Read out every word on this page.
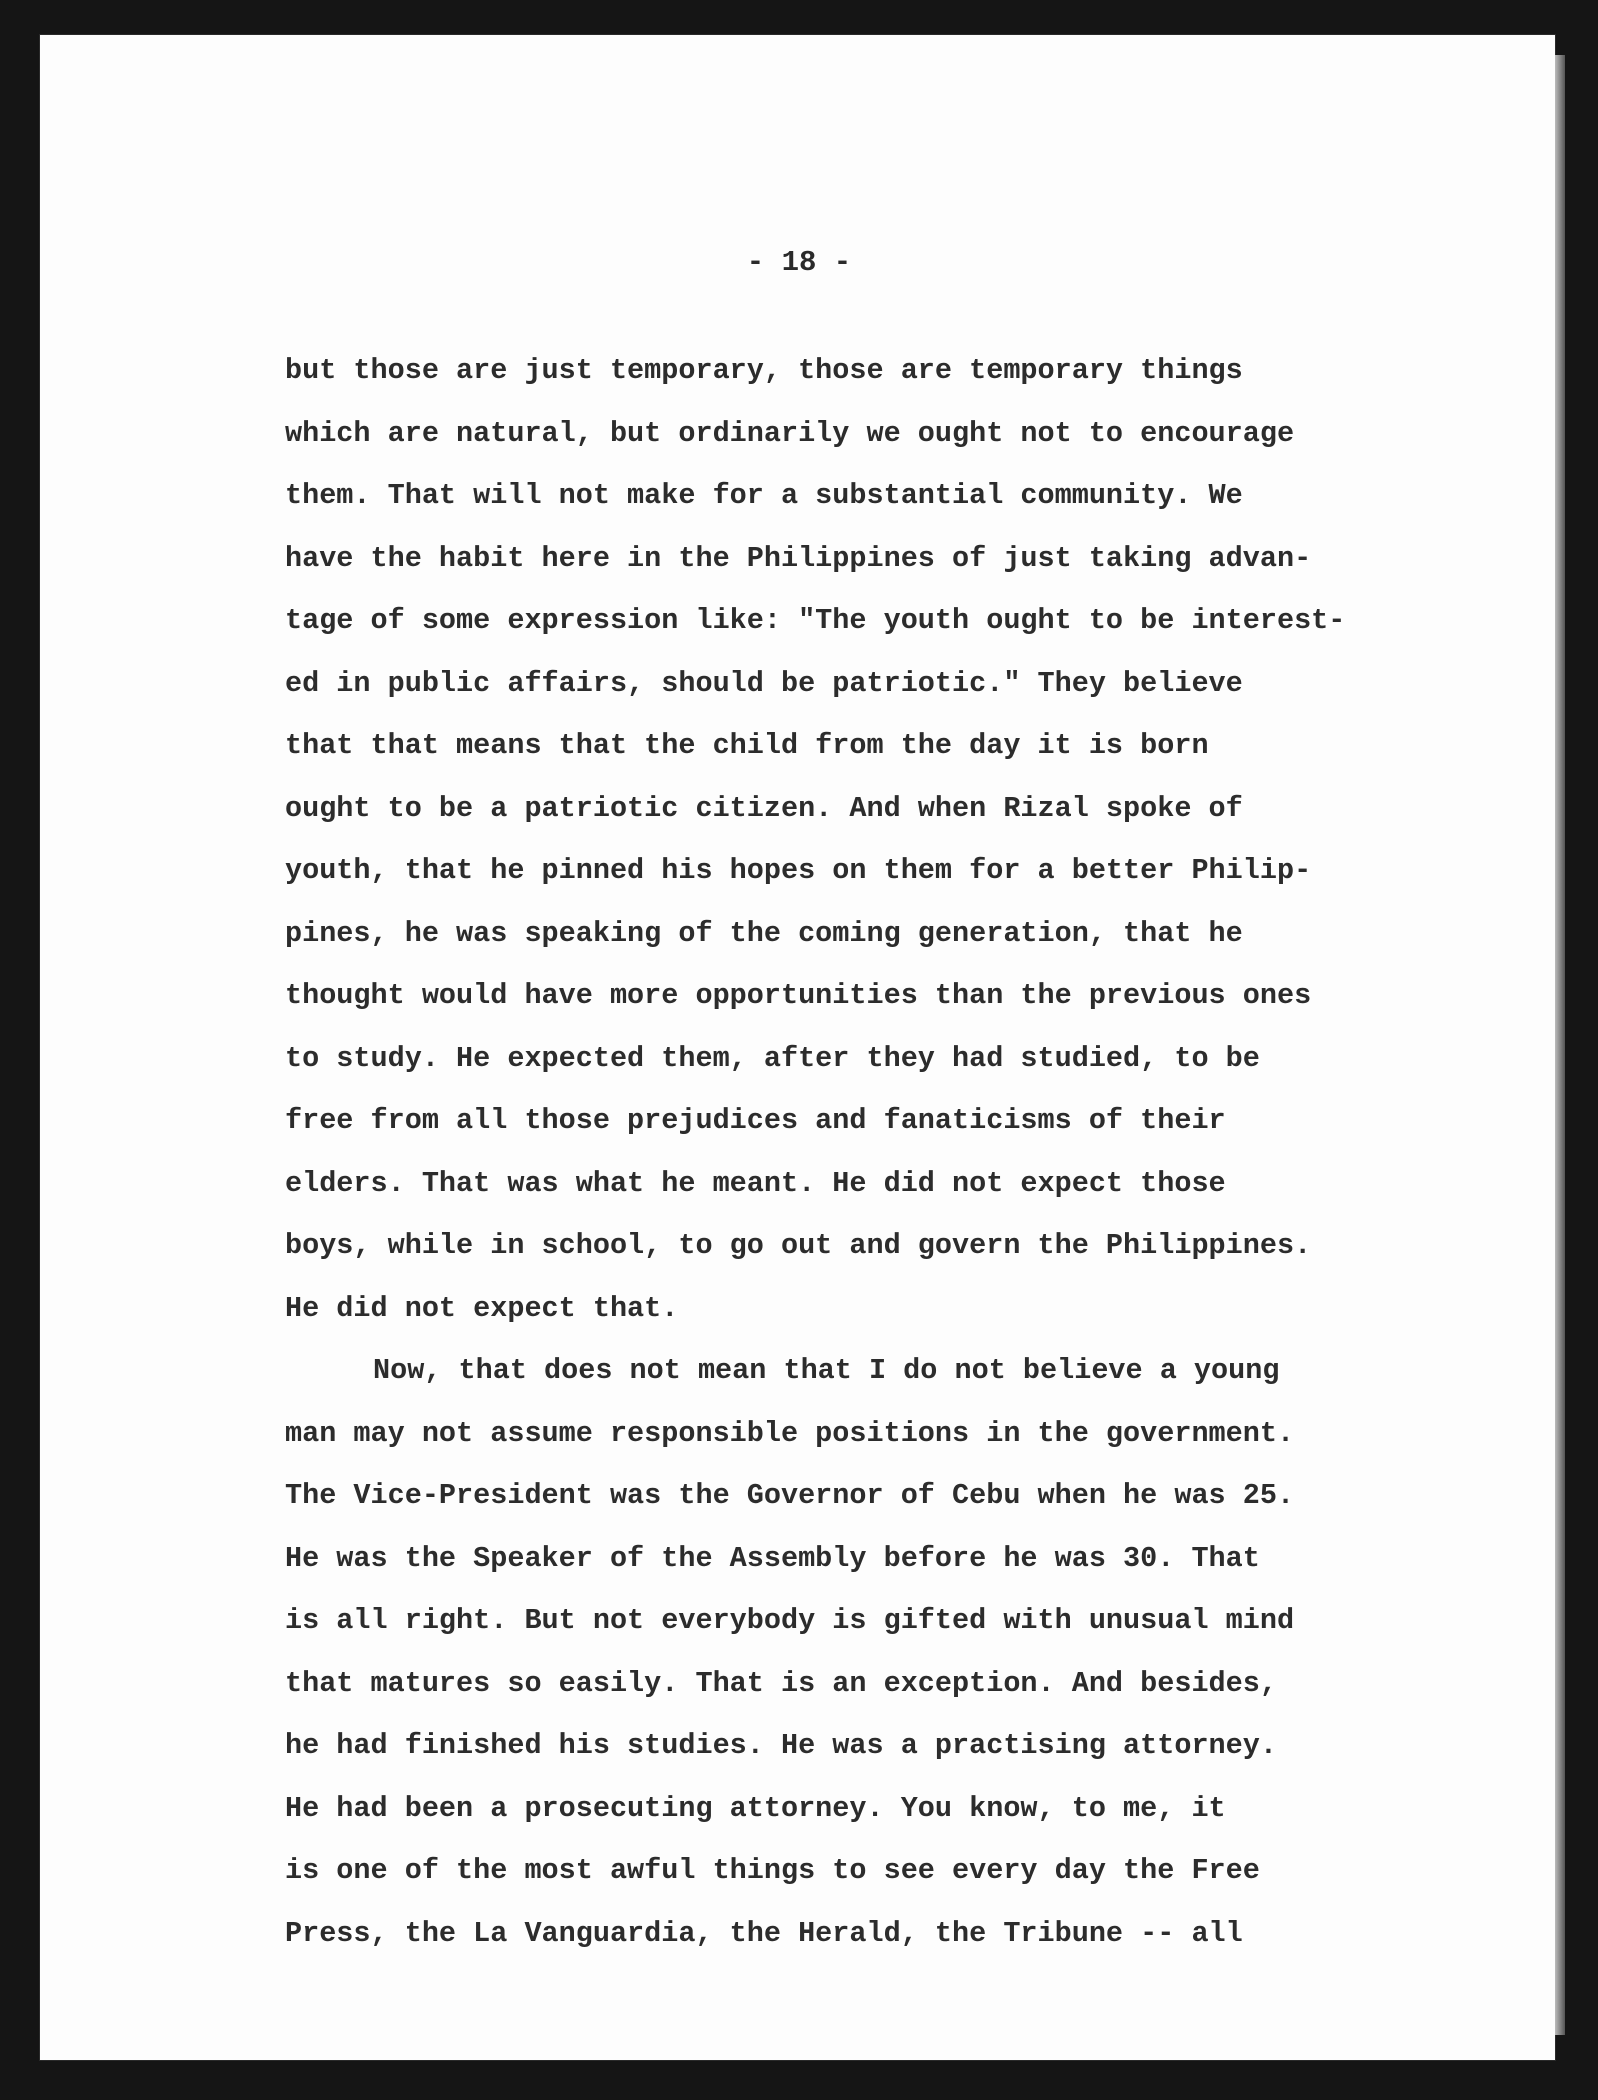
- 18 -
but those are just temporary, those are temporary things
which are natural, but ordinarily we ought not to encourage
them. That will not make for a substantial community. We
have the habit here in the Philippines of just taking advan-
tage of some expression like: "The youth ought to be interest-
ed in public affairs, should be patriotic." They believe
that that means that the child from the day it is born
ought to be a patriotic citizen. And when Rizal spoke of
youth, that he pinned his hopes on them for a better Philip-
pines, he was speaking of the coming generation, that he
thought would have more opportunities than the previous ones
to study. He expected them, after they had studied, to be
free from all those prejudices and fanaticisms of their
elders. That was what he meant. He did not expect those
boys, while in school, to go out and govern the Philippines.
He did not expect that.
Now, that does not mean that I do not believe a young
man may not assume responsible positions in the government.
The Vice-President was the Governor of Cebu when he was 25.
He was the Speaker of the Assembly before he was 30. That
is all right. But not everybody is gifted with unusual mind
that matures so easily. That is an exception. And besides,
he had finished his studies. He was a practising attorney.
He had been a prosecuting attorney. You know, to me, it
is one of the most awful things to see every day the Free
Press, the La Vanguardia, the Herald, the Tribune -- all
